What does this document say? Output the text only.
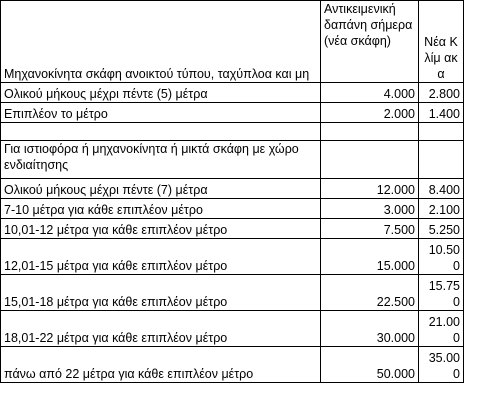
Μηχανοκίνητα σκάφη ανοικτού τύπου, ταχύπλοα και μη	Αντικειμενική δαπάνη σήμερα (νέα σκάφη)	Νέα Κλίμ ακα
Ολικού μήκους μέχρι πέντε (5) μέτρα	4.000	2.800
Επιπλέον το μέτρο	2.000	1.400

Για ιστιοφόρα ή μηχανοκίνητα ή μικτά σκάφη με χώρο ενδιαίτησης		
Ολικού μήκους μέχρι πέντε (7) μέτρα	12.000	8.400
7-10 μέτρα για κάθε επιπλέον μέτρο	3.000	2.100
10,01-12 μέτρα για κάθε επιπλέον μέτρο	7.500	5.250
12,01-15 μέτρα για κάθε επιπλέον μέτρο	15.000	10.500
15,01-18 μέτρα για κάθε επιπλέον μέτρο	22.500	15.750
18,01-22 μέτρα για κάθε επιπλέον μέτρο	30.000	21.000
πάνω από 22 μέτρα για κάθε επιπλέον μέτρο	50.000	35.000
